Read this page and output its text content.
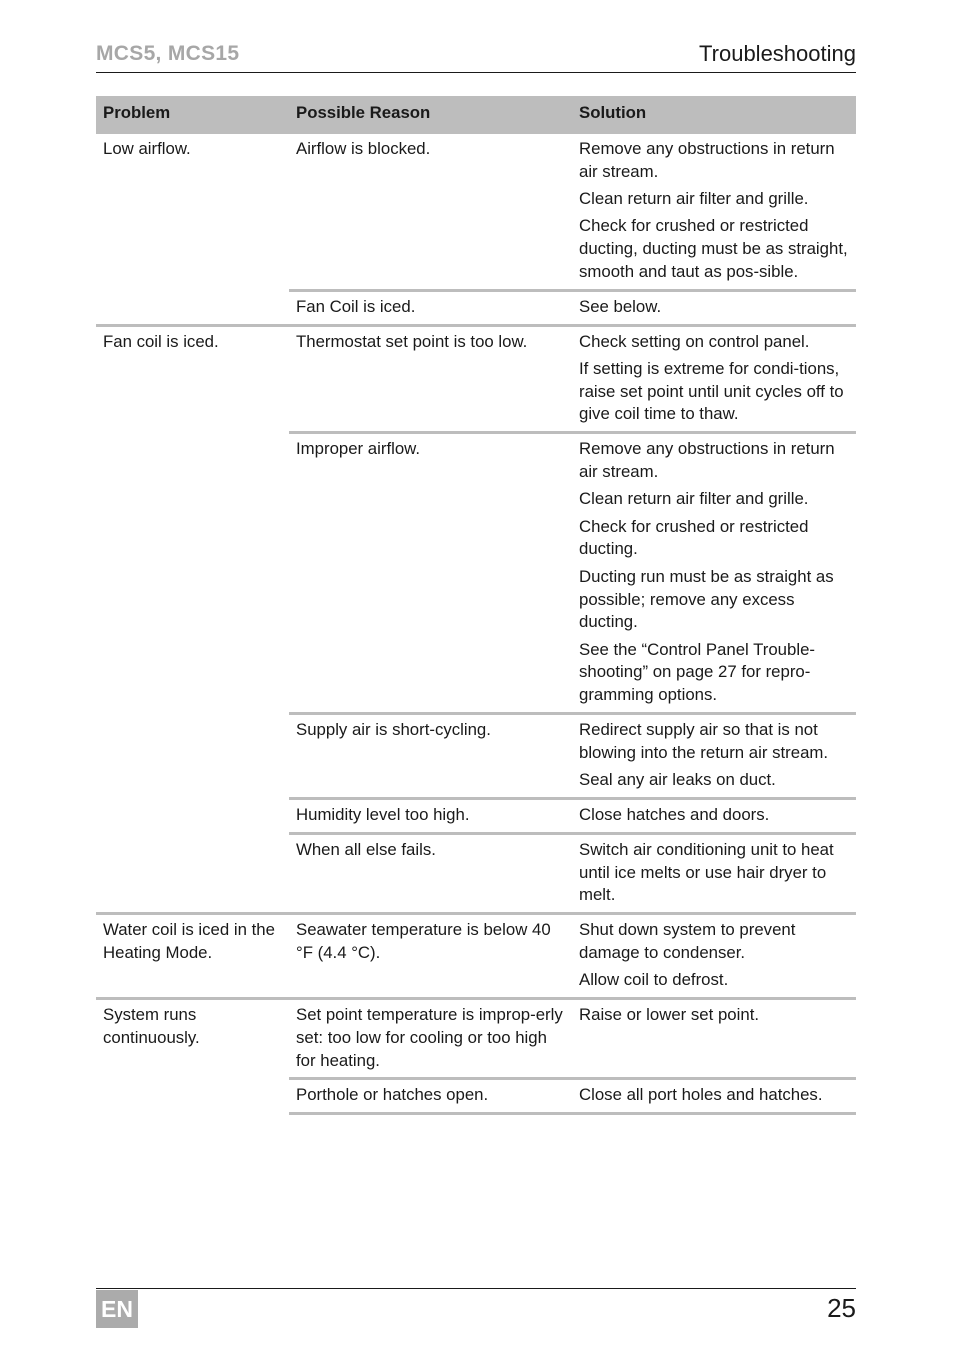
MCS5, MCS15	Troubleshooting
Problem	Possible Reason	Solution
Low airflow.	Airflow is blocked.	Remove any obstructions in return air stream.

Clean return air filter and grille.

Check for crushed or restricted ducting, ducting must be as straight, smooth and taut as pos-sible.

	Fan Coil is iced.	See below.

Fan coil is iced.	Thermostat set point is too low.	Check setting on control panel.

If setting is extreme for condi-tions, raise set point until unit cycles off to give coil time to thaw.

	Improper airflow.	Remove any obstructions in return air stream.

Clean return air filter and grille.

Check for crushed or restricted ducting.

Ducting run must be as straight as possible; remove any excess ducting.

See the “Control Panel Trouble-shooting” on page 27 for repro-gramming options.

	Supply air is short-cycling.	Redirect supply air so that is not blowing into the return air stream.

Seal any air leaks on duct.

	Humidity level too high.	Close hatches and doors.

	When all else fails.	Switch air conditioning unit to heat until ice melts or use hair dryer to melt.

Water coil is iced in the Heating Mode.	Seawater temperature is below 40 °F (4.4 °C).	Shut down system to prevent damage to condenser.

Allow coil to defrost.

System runs continuously.	Set point temperature is improp-erly set: too low for cooling or too high for heating.	Raise or lower set point.

	Porthole or hatches open.	Close all port holes and hatches.

EN	25
